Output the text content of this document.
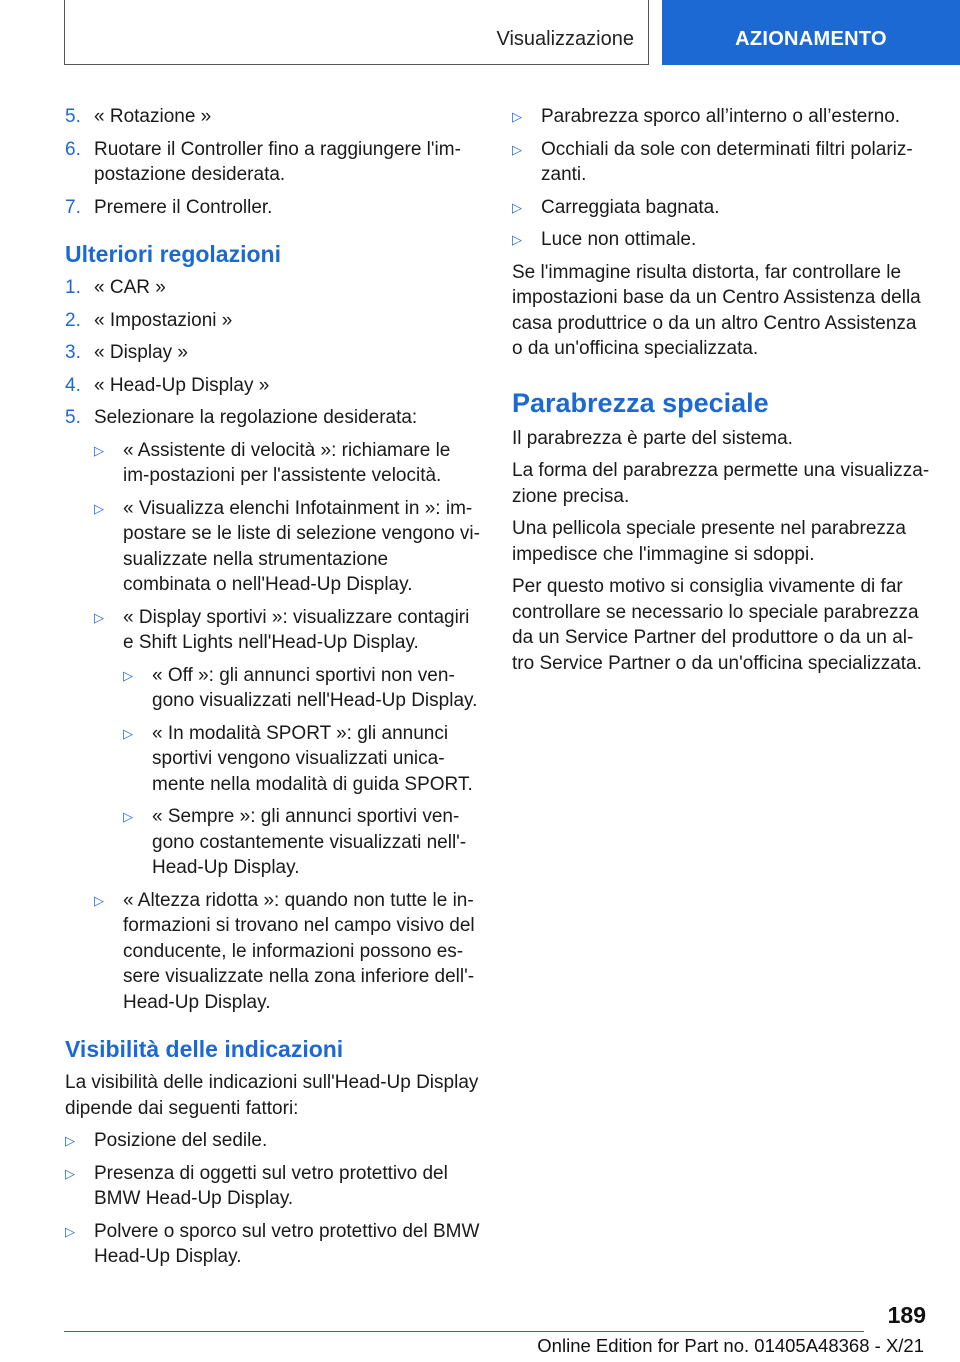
Visualizzazione	AZIONAMENTO
5. « Rotazione »
6. Ruotare il Controller fino a raggiungere l'im-postazione desiderata.
7. Premere il Controller.
Ulteriori regolazioni
1. « CAR »
2. « Impostazioni »
3. « Display »
4. « Head-Up Display »
5. Selezionare la regolazione desiderata:
▷	« Assistente di velocità »: richiamare le im-postazioni per l'assistente velocità.
▷	« Visualizza elenchi Infotainment in »: im-postare se le liste di selezione vengono vi-sualizzate nella strumentazione combinata o nell'Head-Up Display.
▷	« Display sportivi »: visualizzare contagiri e Shift Lights nell'Head-Up Display.
▷	« Off »: gli annunci sportivi non ven-gono visualizzati nell'Head-Up Display.
▷	« In modalità SPORT »: gli annunci sportivi vengono visualizzati unica-mente nella modalità di guida SPORT.
▷	« Sempre »: gli annunci sportivi ven-gono costantemente visualizzati nell'-Head-Up Display.
▷	« Altezza ridotta »: quando non tutte le in-formazioni si trovano nel campo visivo del conducente, le informazioni possono es-sere visualizzate nella zona inferiore dell'-Head-Up Display.
Visibilità delle indicazioni
La visibilità delle indicazioni sull'Head-Up Display dipende dai seguenti fattori:
▷	Posizione del sedile.
▷	Presenza di oggetti sul vetro protettivo del BMW Head-Up Display.
▷	Polvere o sporco sul vetro protettivo del BMW Head-Up Display.
▷	Parabrezza sporco all’interno o all’esterno.
▷	Occhiali da sole con determinati filtri polariz-zanti.
▷	Carreggiata bagnata.
▷	Luce non ottimale.
Se l'immagine risulta distorta, far controllare le impostazioni base da un Centro Assistenza della casa produttrice o da un altro Centro Assistenza o da un'officina specializzata.
Parabrezza speciale
Il parabrezza è parte del sistema.
La forma del parabrezza permette una visualizza-zione precisa.
Una pellicola speciale presente nel parabrezza impedisce che l'immagine si sdoppi.
Per questo motivo si consiglia vivamente di far controllare se necessario lo speciale parabrezza da un Service Partner del produttore o da un al-tro Service Partner o da un'officina specializzata.
189
Online Edition for Part no. 01405A48368 - X/21
